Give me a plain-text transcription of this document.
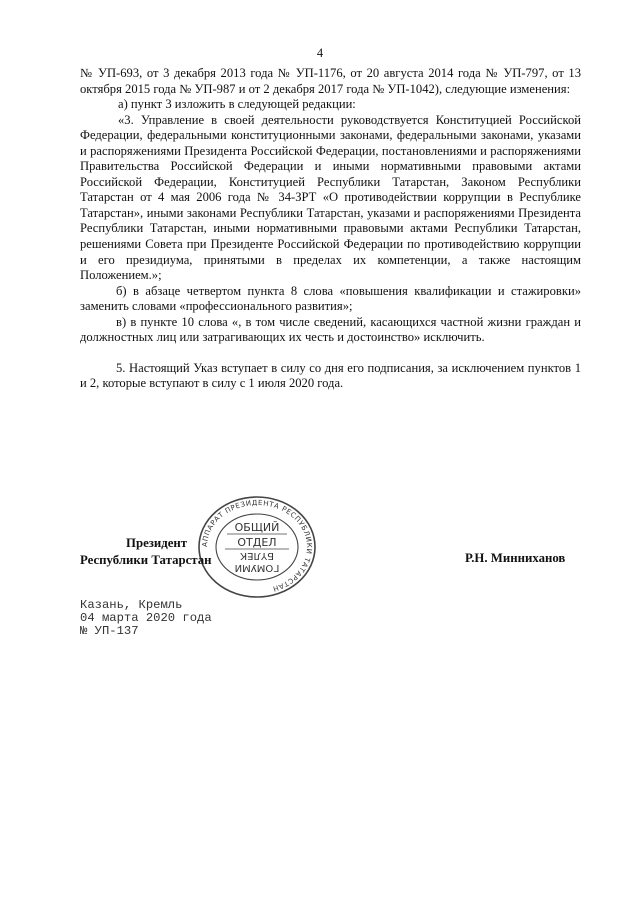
4

№ УП-693, от 3 декабря 2013 года № УП-1176, от 20 августа 2014 года № УП-797, от 13 октября 2015 года № УП-987 и от 2 декабря 2017 года № УП-1042), следующие изменения:

а) пункт 3 изложить в следующей редакции:

«3. Управление в своей деятельности руководствуется Конституцией Российской Федерации, федеральными конституционными законами, федеральными законами, указами и распоряжениями Президента Российской Федерации, постановлениями и распоряжениями Правительства Российской Федерации и иными нормативными правовыми актами Российской Федерации, Конституцией Республики Татарстан, Законом Республики Татарстан от 4 мая 2006 года № 34-ЗРТ «О противодействии коррупции в Республике Татарстан», иными законами Республики Татарстан, указами и распоряжениями Президента Республики Татарстан, иными нормативными правовыми актами Республики Татарстан, решениями Совета при Президенте Российской Федерации по противодействию коррупции и его президиума, принятыми в пределах их компетенции, а также настоящим Положением.»;

б) в абзаце четвертом пункта 8 слова «повышения квалификации и стажировки» заменить словами «профессионального развития»;

в) в пункте 10 слова «, в том числе сведений, касающихся частной жизни граждан и должностных лиц или затрагивающих их честь и достоинство» исключить.

5. Настоящий Указ вступает в силу со дня его подписания, за исключением пунктов 1 и 2, которые вступают в силу с 1 июля 2020 года.

АППАРАТ ПРЕЗИДЕНТА РЕСПУБЛИКИ ТАТАРСТАН
ОБЩИЙ
ОТДЕЛ
БҮЛЕК
ГОМУМИ
Президент
Республики Татарстан	Р.Н. Минниханов
Казань, Кремль
04 марта 2020 года
№ УП-137
